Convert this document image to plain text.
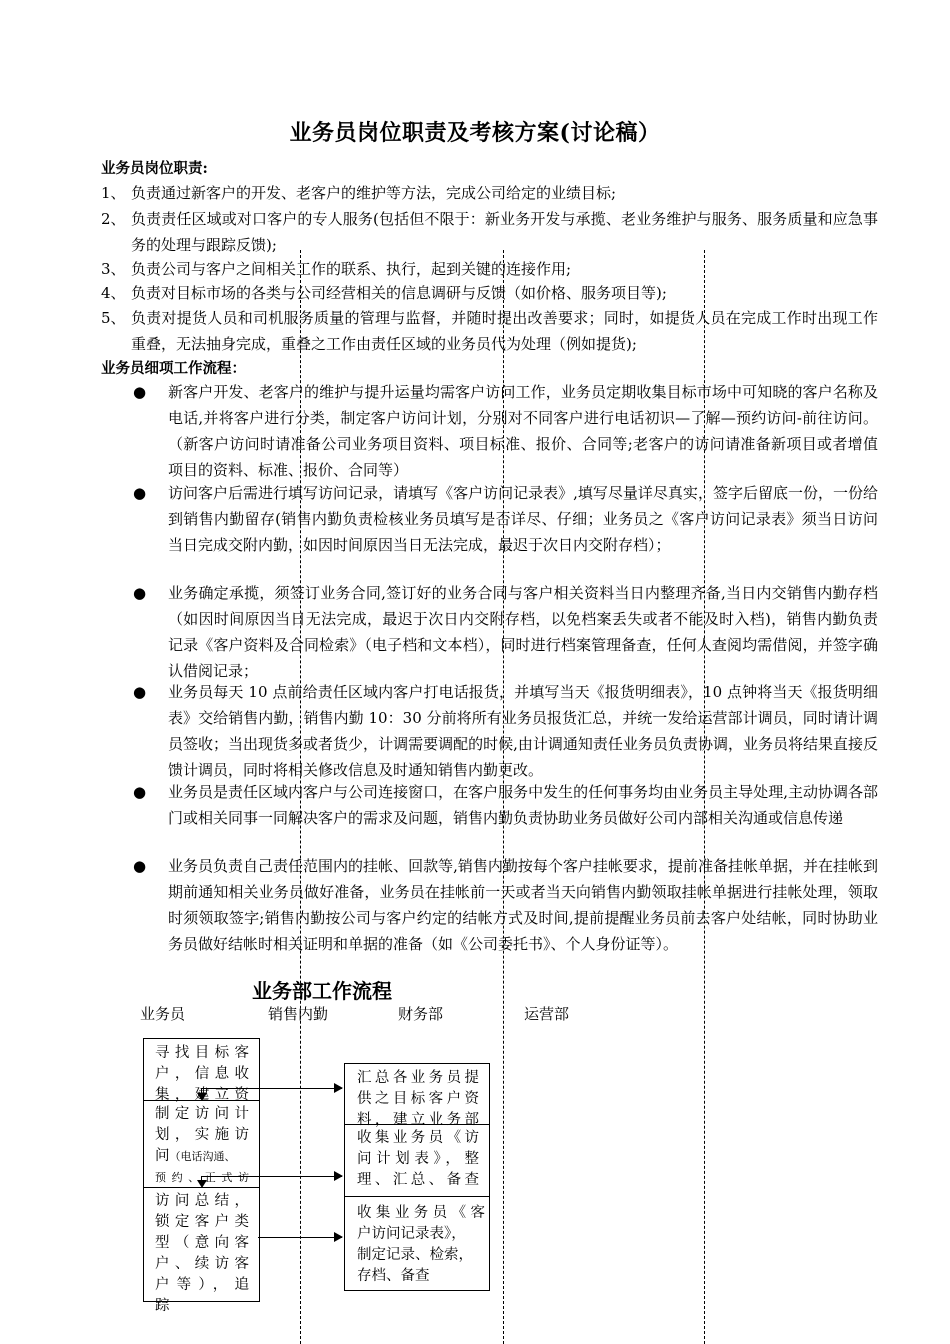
业务员岗位职责及考核方案(讨论稿）
业务员岗位职责:
1、 负责通过新客户的开发、老客户的维护等方法，完成公司给定的业绩目标;
2、 负责责任区域或对口客户的专人服务(包括但不限于：新业务开发与承揽、老业务维护与服务、服务质量和应急事务的处理与跟踪反馈);
3、 负责公司与客户之间相关工作的联系、执行，起到关键的连接作用;
4、 负责对目标市场的各类与公司经营相关的信息调研与反馈（如价格、服务项目等);
5、 负责对提货人员和司机服务质量的管理与监督，并随时提出改善要求；同时，如提货人员在完成工作时出现工作重叠，无法抽身完成，重叠之工作由责任区域的业务员代为处理（例如提货);
业务员细项工作流程：
● 新客户开发、老客户的维护与提升运量均需客户访问工作，业务员定期收集目标市场中可知晓的客户名称及电话,并将客户进行分类，制定客户访问计划，分别对不同客户进行电话初识—了解—预约访问-前往访问。（新客户访问时请准备公司业务项目资料、项目标准、报价、合同等;老客户的访问请准备新项目或者增值项目的资料、标准、报价、合同等）
● 访问客户后需进行填写访问记录，请填写《客户访问记录表》,填写尽量详尽真实，签字后留底一份，一份给到销售内勤留存(销售内勤负责检核业务员填写是否详尽、仔细；业务员之《客户访问记录表》须当日访问当日完成交附内勤，如因时间原因当日无法完成，最迟于次日内交附存档）；
● 业务确定承揽，须签订业务合同,签订好的业务合同与客户相关资料当日内整理齐备,当日内交销售内勤存档（如因时间原因当日无法完成，最迟于次日内交附存档，以免档案丢失或者不能及时入档)，销售内勤负责记录《客户资料及合同检索》（电子档和文本档），同时进行档案管理备查，任何人查阅均需借阅，并签字确认借阅记录；
● 业务员每天 10 点前给责任区域内客户打电话报货，并填写当天《报货明细表》，10 点钟将当天《报货明细表》交给销售内勤，销售内勤 10：30 分前将所有业务员报货汇总，并统一发给运营部计调员，同时请计调员签收；当出现货多或者货少，计调需要调配的时候,由计调通知责任业务员负责协调，业务员将结果直接反馈计调员，同时将相关修改信息及时通知销售内勤更改。
● 业务员是责任区域内客户与公司连接窗口，在客户服务中发生的任何事务均由业务员主导处理,主动协调各部门或相关同事一同解决客户的需求及问题，销售内勤负责协助业务员做好公司内部相关沟通或信息传递
● 业务员负责自己责任范围内的挂帐、回款等,销售内勤按每个客户挂帐要求，提前准备挂帐单据，并在挂帐到期前通知相关业务员做好准备，业务员在挂帐前一天或者当天向销售内勤领取挂帐单据进行挂帐处理，领取时须领取签字;销售内勤按公司与客户约定的结帐方式及时间,提前提醒业务员前去客户处结帐，同时协助业务员做好结帐时相关证明和单据的准备（如《公司委托书》、个人身份证等）。
业务部工作流程
业务员	销售内勤	财务部	运营部
寻找目标客
户，信息收
集，建立资
制定访问计
划，实施访
问（电话沟通、
预约、正式访
访问总结，
锁定客户类
型（意向客
户、续访客
户等），追
踪
汇总各业务员提
供之目标客户资
料，建立业务部
收集业务员《访
问计划表》，整
理、汇总、备查
收集业务员《客
户访问记录表》，
制定记录、检索，
存档、备查
